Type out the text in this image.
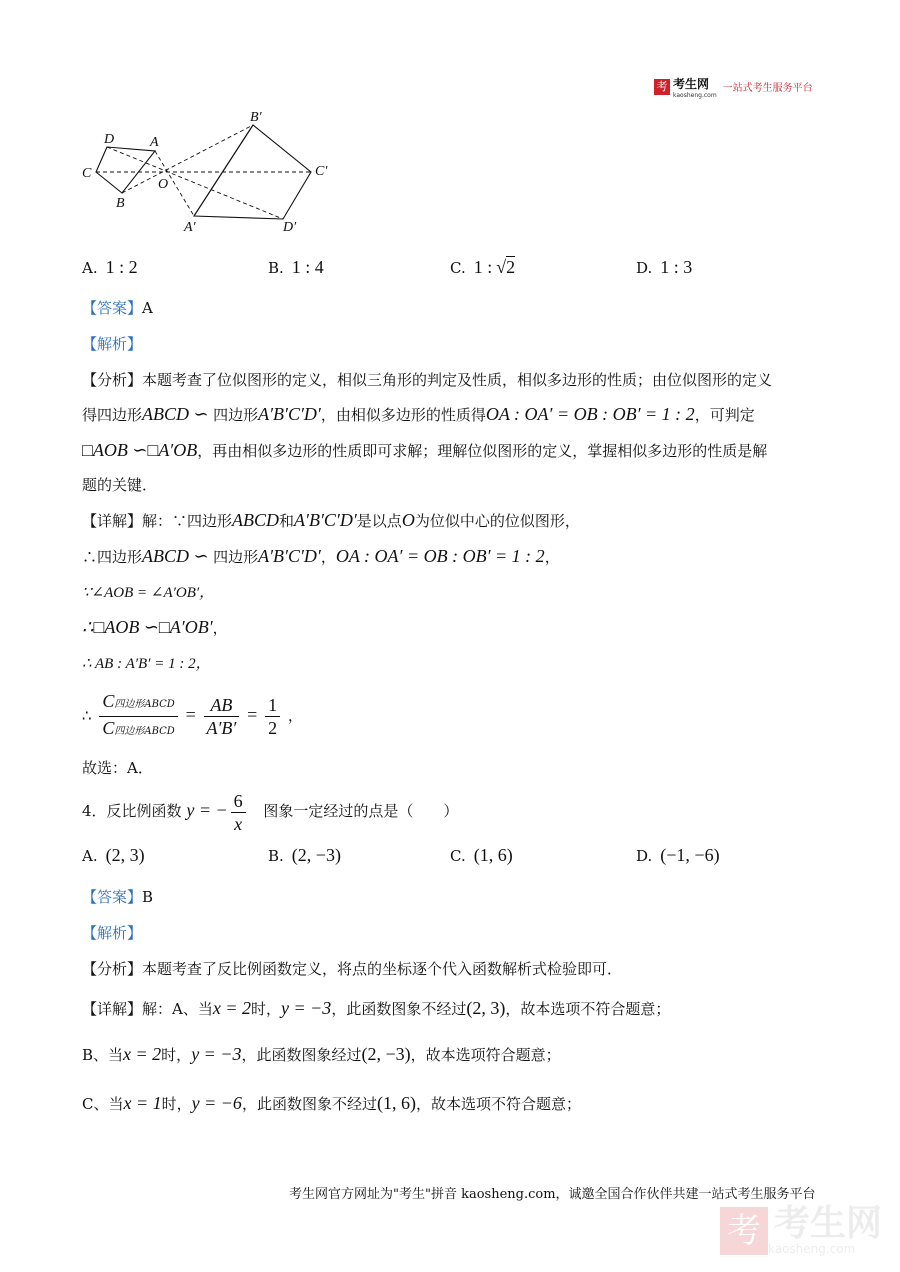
考 考生网
kaosheng.com
一站式考生服务平台
D	A
C
O
B
B′
C′
A′	D′
A. 1 : 2	B. 1 : 4	C. 1 : √2	D. 1 : 3
【答案】A
【解析】
【分析】本题考查了位似图形的定义，相似三角形的判定及性质，相似多边形的性质；由位似图形的定义
得四边形ABCD ∽ 四边形A′B′C′D′，由相似多边形的性质得OA : OA′ = OB : OB′ = 1 : 2，可判定
□AOB ∽□A′OB，再由相似多边形的性质即可求解；理解位似图形的定义，掌握相似多边形的性质是解
题的关键．
【详解】解：∵四边形ABCD和A′B′C′D′是以点O为位似中心的位似图形，
∴四边形ABCD ∽ 四边形A′B′C′D′，OA : OA′ = OB : OB′ = 1 : 2，
∵∠AOB = ∠A′OB′，
∴□AOB ∽□A′OB′，
∴ AB : A′B′ = 1 : 2，
∴ $\frac{\text{C四边形ABCD}}{\text{C四边形ABCD}} = \frac{AB}{A'B'} = \frac{1}{2}$ ，
故选：A．
4．反比例函数 y = − $\frac{6}{x}$ 图象一定经过的点是（　　）
A. (2, 3)	B. (2, −3)	C. (1, 6)	D. (−1, −6)
【答案】B
【解析】
【分析】本题考查了反比例函数定义，将点的坐标逐个代入函数解析式检验即可．
【详解】解：A、当x = 2时，y = −3，此函数图象不经过(2, 3)，故本选项不符合题意；
B、当x = 2时，y = −3，此函数图象经过(2, −3)，故本选项符合题意；
C、当x = 1时，y = −6，此函数图象不经过(1, 6)，故本选项不符合题意；
考生网官方网址为"考生"拼音 kaosheng.com，诚邀全国合作伙伴共建一站式考生服务平台
考 考生网
kaosheng.com
